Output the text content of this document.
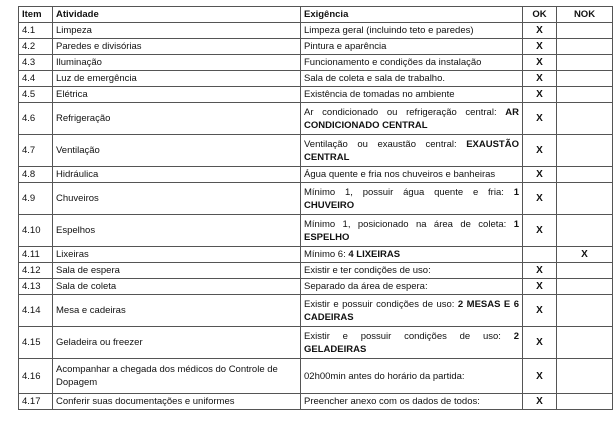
Item	Atividade	Exigência	OK	NOK
4.1	Limpeza	Limpeza geral (incluindo teto e paredes)	X	
4.2	Paredes e divisórias	Pintura e aparência	X	
4.3	Iluminação	Funcionamento e condições da instalação	X	
4.4	Luz de emergência	Sala de coleta e sala de trabalho.	X	
4.5	Elétrica	Existência de tomadas no ambiente	X	
4.6	Refrigeração	Ar condicionado ou refrigeração central: AR CONDICIONADO CENTRAL	X	
4.7	Ventilação	Ventilação ou exaustão central: EXAUSTÃO CENTRAL	X	
4.8	Hidráulica	Água quente e fria nos chuveiros e banheiras	X	
4.9	Chuveiros	Mínimo 1, possuir água quente e fria: 1 CHUVEIRO	X	
4.10	Espelhos	Mínimo 1, posicionado na área de coleta: 1 ESPELHO	X	
4.11	Lixeiras	Mínimo 6: 4 LIXEIRAS		X
4.12	Sala de espera	Existir e ter condições de uso:	X	
4.13	Sala de coleta	Separado da área de espera:	X	
4.14	Mesa e cadeiras	Existir e possuir condições de uso: 2 MESAS E 6 CADEIRAS	X	
4.15	Geladeira ou freezer	Existir e possuir condições de uso: 2 GELADEIRAS	X	
4.16	Acompanhar a chegada dos médicos do Controle de Dopagem	02h00min antes do horário da partida:	X	
4.17	Conferir suas documentações e uniformes	Preencher anexo com os dados de todos:	X	
